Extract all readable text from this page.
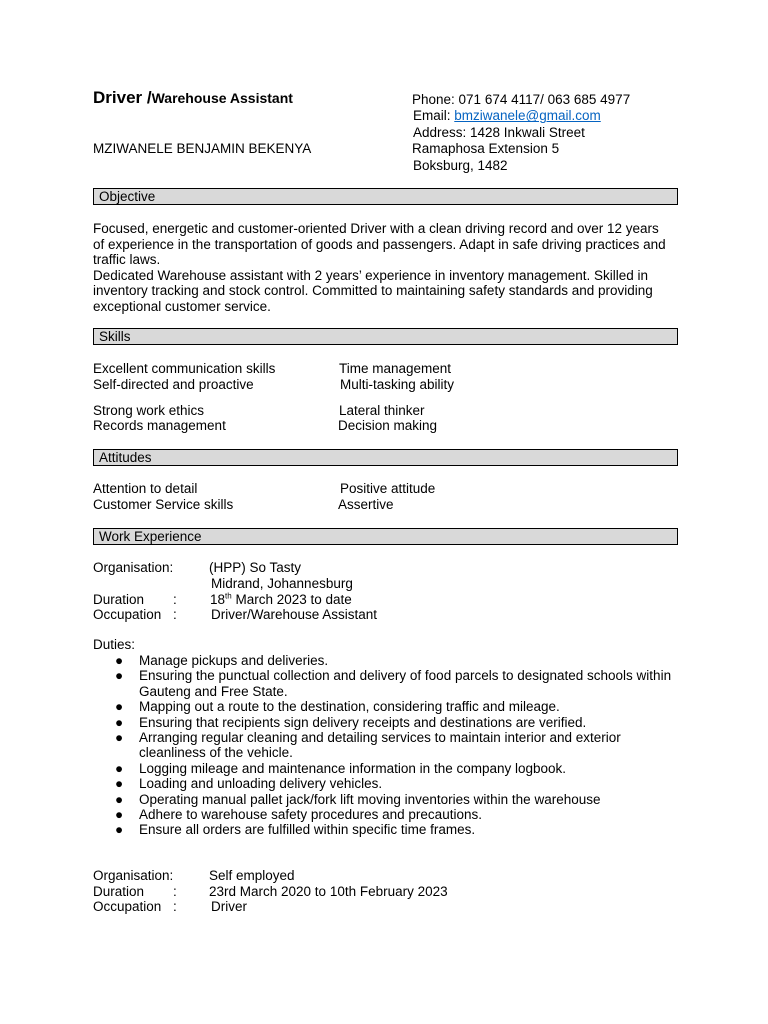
Driver /Warehouse Assistant	Phone: 071 674 4117/ 063 685 4977
Email: bmziwanele@gmail.com
Address: 1428 Inkwali Street
Ramaphosa Extension 5
Boksburg, 1482
MZIWANELE BENJAMIN BEKENYA
Objective

Focused, energetic and customer-oriented Driver with a clean driving record and over 12 years of experience in the transportation of goods and passengers. Adapt in safe driving practices and traffic laws.

Dedicated Warehouse assistant with 2 years’ experience in inventory management. Skilled in inventory tracking and stock control. Committed to maintaining safety standards and providing exceptional customer service.

Skills
Excellent communication skills	Time management
Self-directed and proactive	Multi-tasking ability
Strong work ethics	Lateral thinker
Records management	Decision making
Attitudes
Attention to detail	Positive attitude
Customer Service skills	Assertive
Work Experience
Organisation:	(HPP) So Tasty
Midrand, Johannesburg
Duration : 18th March 2023 to date
Occupation :	Driver/Warehouse Assistant
Duties:
● Manage pickups and deliveries.
● Ensuring the punctual collection and delivery of food parcels to designated schools within Gauteng and Free State.
● Mapping out a route to the destination, considering traffic and mileage.
● Ensuring that recipients sign delivery receipts and destinations are verified.
● Arranging regular cleaning and detailing services to maintain interior and exterior cleanliness of the vehicle.
● Logging mileage and maintenance information in the company logbook.
● Loading and unloading delivery vehicles.
● Operating manual pallet jack/fork lift moving inventories within the warehouse
● Adhere to warehouse safety procedures and precautions.
● Ensure all orders are fulfilled within specific time frames.
Organisation:	Self employed
Duration : 23rd March 2020 to 10th February 2023
Occupation :	Driver
